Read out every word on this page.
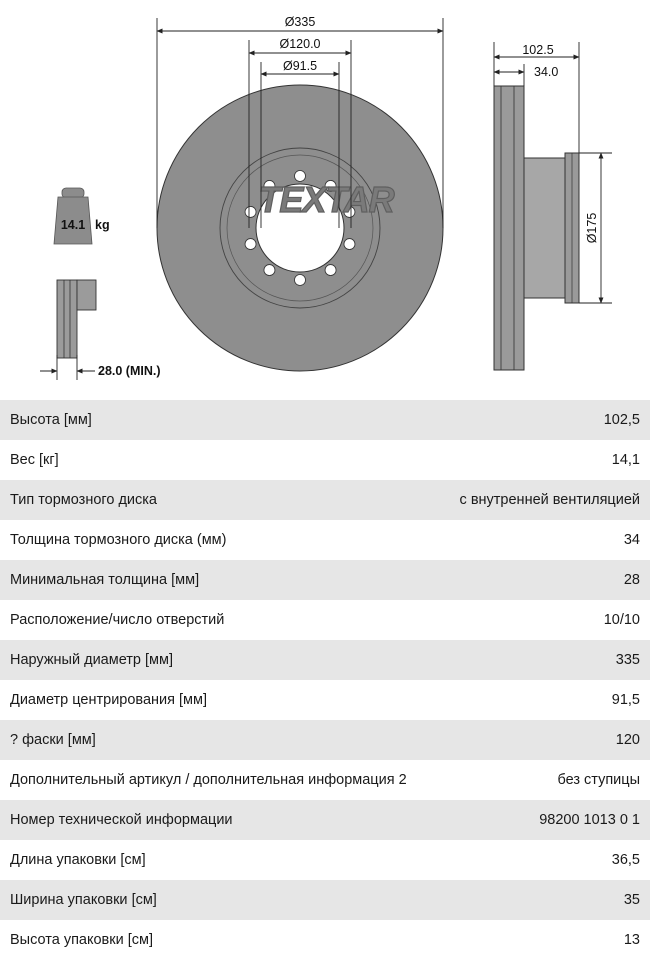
14.1 kg
28.0 (MIN.)
TEXTAR
Ø335
Ø120.0
Ø91.5
102.5
34.0
Ø175
Высота [мм]	102,5
Вес [кг]	14,1
Тип тормозного диска	с внутренней вентиляцией
Толщина тормозного диска (мм)	34
Минимальная толщина [мм]	28
Расположение/число отверстий	10/10
Наружный диаметр [мм]	335
Диаметр центрирования [мм]	91,5
? фаски [мм]	120
Дополнительный артикул / дополнительная информация 2	без ступицы
Номер технической информации	98200 1013 0 1
Длина упаковки [см]	36,5
Ширина упаковки [см]	35
Высота упаковки [см]	13
